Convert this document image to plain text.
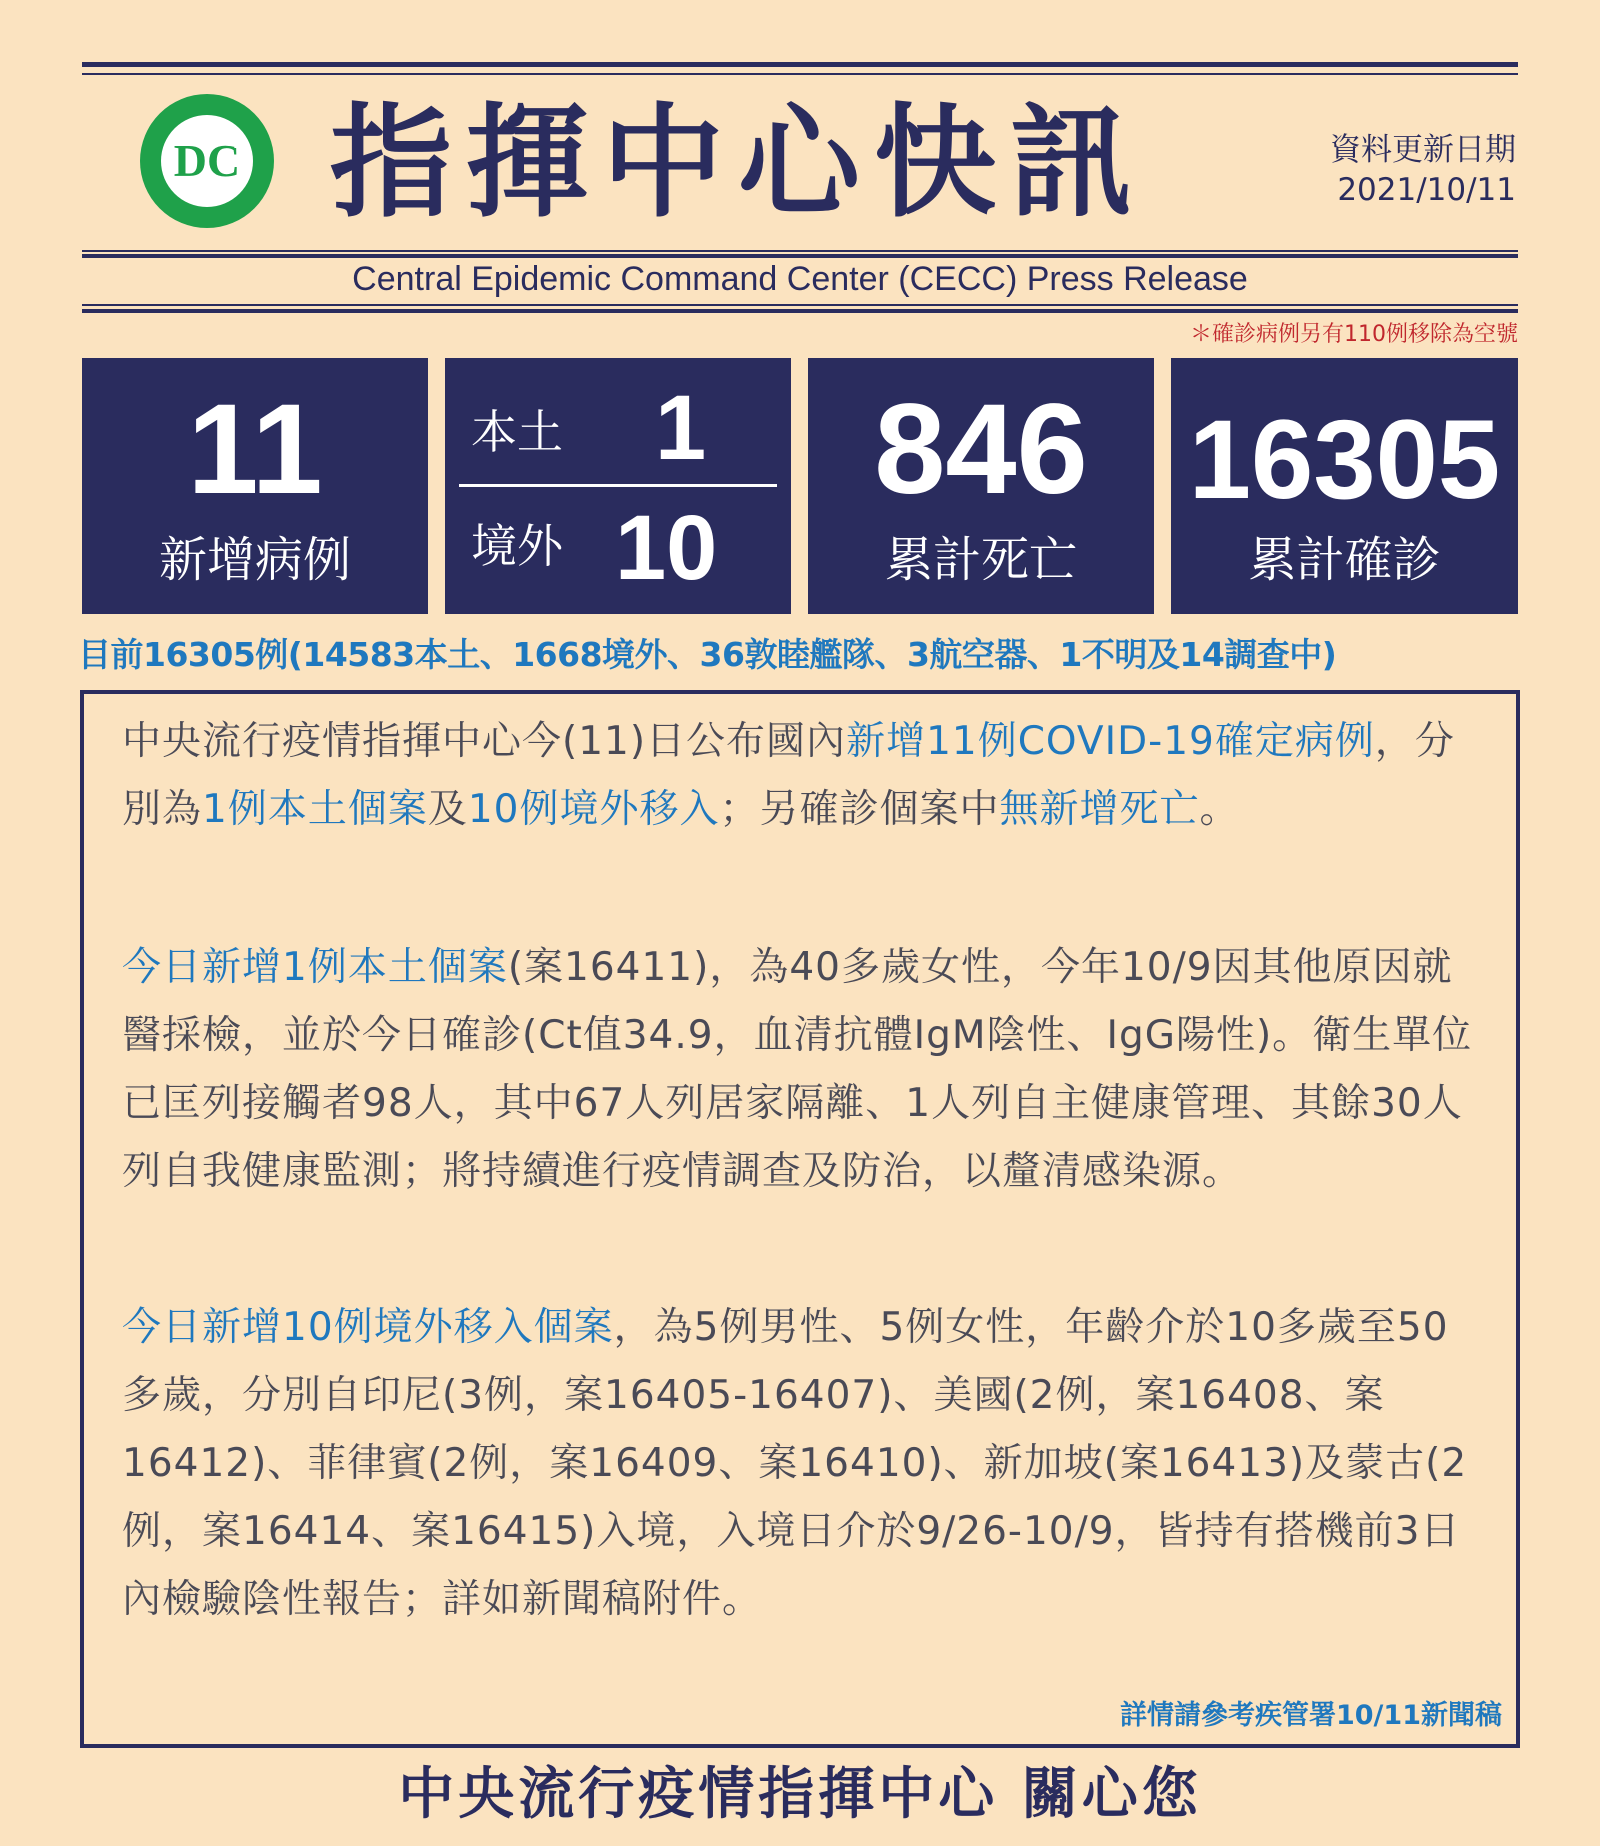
DC 指揮中心快訊	資料更新日期
2021/10/11
Central Epidemic Command Center (CECC) Press Release
＊確診病例另有110例移除為空號
11
新增病例
本土 1
境外 10
846
累計死亡
16305
累計確診
目前16305例(14583本土、1668境外、36敦睦艦隊、3航空器、1不明及14調查中)
中央流行疫情指揮中心今(11)日公布國內新增11例COVID-19確定病例，分別為1例本土個案及10例境外移入；另確診個案中無新增死亡。
今日新增1例本土個案(案16411)，為40多歲女性，今年10/9因其他原因就醫採檢，並於今日確診(Ct值34.9，血清抗體IgM陰性、IgG陽性)。衛生單位已匡列接觸者98人，其中67人列居家隔離、1人列自主健康管理、其餘30人列自我健康監測；將持續進行疫情調查及防治，以釐清感染源。
今日新增10例境外移入個案，為5例男性、5例女性，年齡介於10多歲至50多歲，分別自印尼(3例，案16405-16407)、美國(2例，案16408、案16412)、菲律賓(2例，案16409、案16410)、新加坡(案16413)及蒙古(2例，案16414、案16415)入境，入境日介於9/26-10/9，皆持有搭機前3日內檢驗陰性報告；詳如新聞稿附件。
詳情請參考疾管署10/11新聞稿
中央流行疫情指揮中心 關心您
